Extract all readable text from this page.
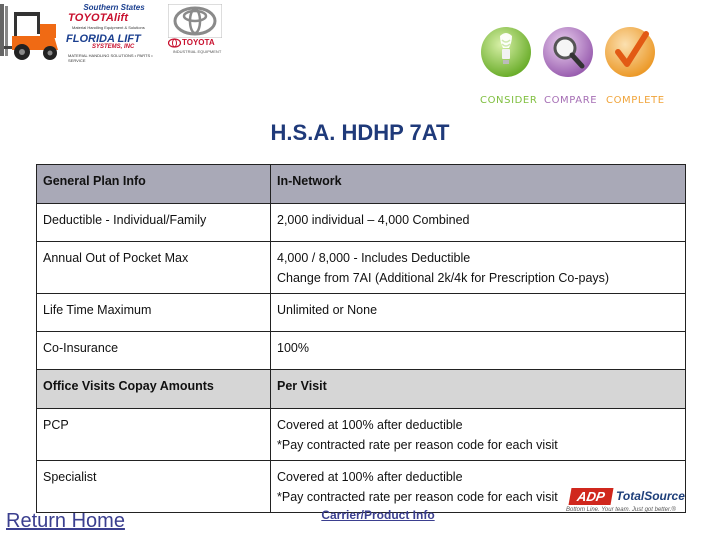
Southern States
TOYOTAlift
Material Handling Equipment & Solutions
FLORIDA LIFT
SYSTEMS, INC
MATERIAL HANDLING SOLUTIONS • PARTS • SERVICE
TOYOTA
INDUSTRIAL EQUIPMENT
CONSIDER COMPARE COMPLETE
H.S.A. HDHP 7AT
General Plan Info	In-Network
Deductible - Individual/Family	2,000 individual – 4,000 Combined
Annual Out of Pocket Max	4,000 / 8,000 - Includes Deductible
Change from 7AI (Additional 2k/4k for Prescription Co-pays)

Life Time Maximum	Unlimited or None
Co-Insurance	100%
Office Visits Copay Amounts	Per Visit
PCP	Covered at 100% after deductible
*Pay contracted rate per reason code for each visit

Specialist	Covered at 100% after deductible
*Pay contracted rate per reason code for each visit
Return Home	Carrier/Product Info
ADP TotalSource
Bottom Line. Your team. Just got better.®
